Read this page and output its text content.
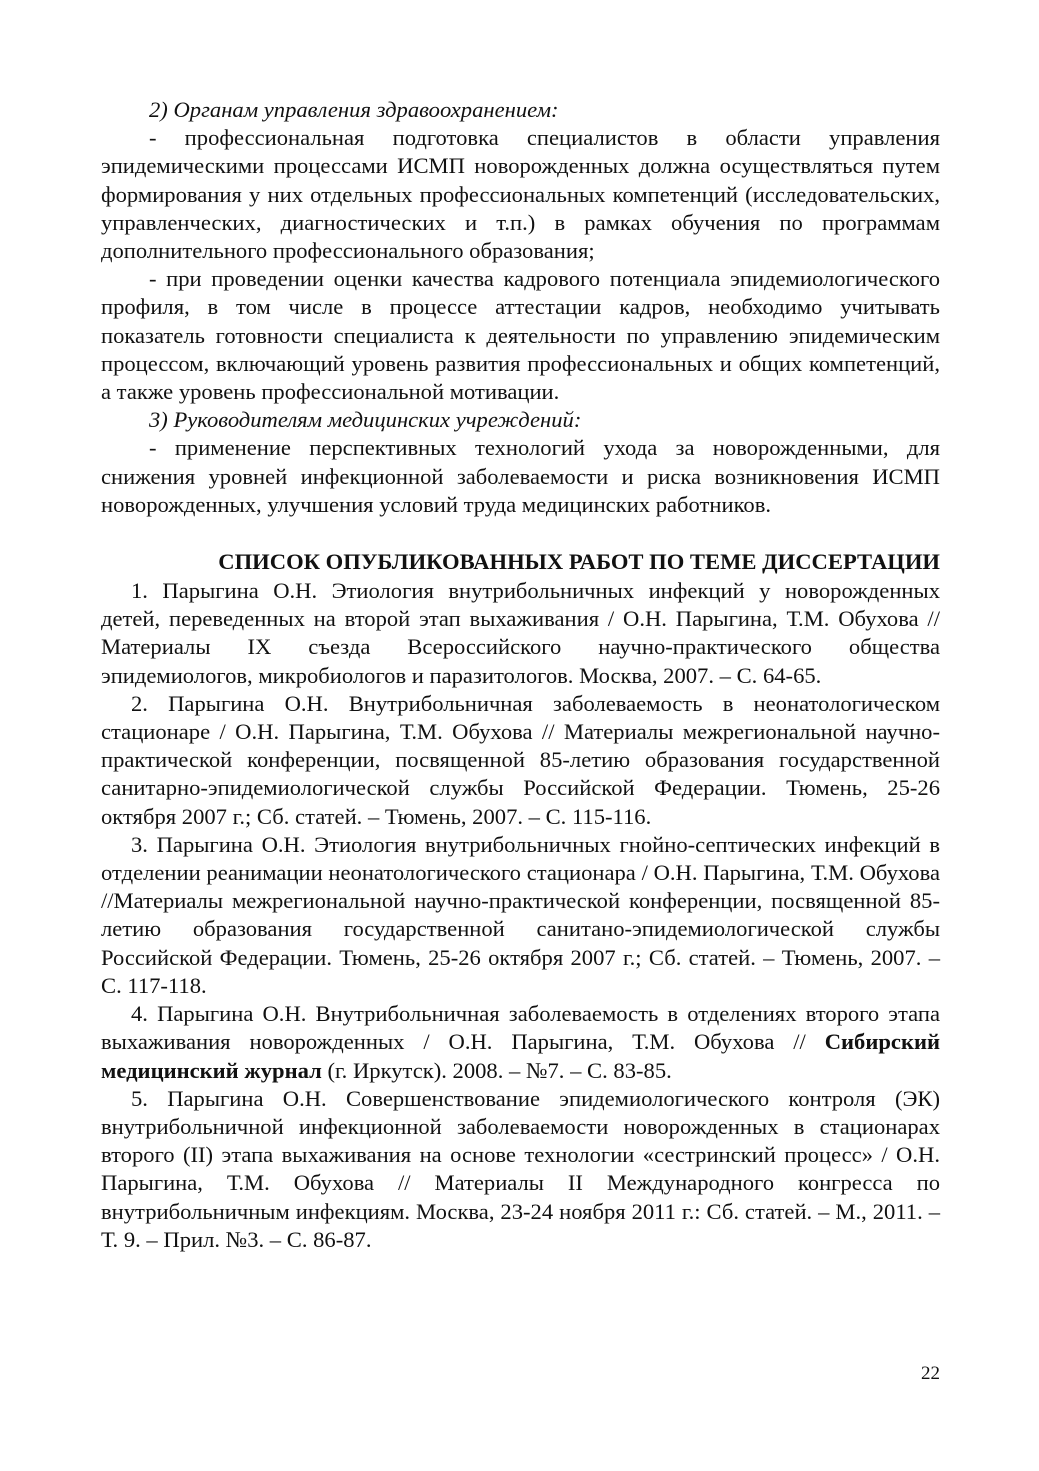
2) Органам управления здравоохранением:

- профессиональная подготовка специалистов в области управления эпидемическими процессами ИСМП новорожденных должна осуществляться путем формирования у них отдельных профессиональных компетенций (исследовательских, управленческих, диагностических и т.п.) в рамках обучения по программам дополнительного профессионального образования;

- при проведении оценки качества кадрового потенциала эпидемиологического профиля, в том числе в процессе аттестации кадров, необходимо учитывать показатель готовности специалиста к деятельности по управлению эпидемическим процессом, включающий уровень развития профессиональных и общих компетенций, а также уровень профессиональной мотивации.

3) Руководителям медицинских учреждений:

- применение перспективных технологий ухода за новорожденными, для снижения уровней инфекционной заболеваемости и риска возникновения ИСМП новорожденных, улучшения условий труда медицинских работников.

СПИСОК ОПУБЛИКОВАННЫХ РАБОТ ПО ТЕМЕ ДИССЕРТАЦИИ

1. Парыгина О.Н. Этиология внутрибольничных инфекций у новорожденных детей, переведенных на второй этап выхаживания / О.Н. Парыгина, Т.М. Обухова // Материалы IX съезда Всероссийского научно-практического общества эпидемиологов, микробиологов и паразитологов. Москва, 2007. – С. 64-65.

2. Парыгина О.Н. Внутрибольничная заболеваемость в неонатологическом стационаре / О.Н. Парыгина, Т.М. Обухова // Материалы межрегиональной научно-практической конференции, посвященной 85-летию образования государственной санитарно-эпидемиологической службы Российской Федерации. Тюмень, 25-26 октября 2007 г.; Сб. статей. – Тюмень, 2007. – С. 115-116.

3. Парыгина О.Н. Этиология внутрибольничных гнойно-септических инфекций в отделении реанимации неонатологического стационара / О.Н. Парыгина, Т.М. Обухова //Материалы межрегиональной научно-практической конференции, посвященной 85-летию образования государственной санитано-эпидемиологической службы Российской Федерации. Тюмень, 25-26 октября 2007 г.; Сб. статей. – Тюмень, 2007. – С. 117-118.

4. Парыгина О.Н. Внутрибольничная заболеваемость в отделениях второго этапа выхаживания новорожденных / О.Н. Парыгина, Т.М. Обухова // Сибирский медицинский журнал (г. Иркутск). 2008. – №7. – С. 83-85.

5. Парыгина О.Н. Совершенствование эпидемиологического контроля (ЭК) внутрибольничной инфекционной заболеваемости новорожденных в стационарах второго (II) этапа выхаживания на основе технологии «сестринский процесс» / О.Н. Парыгина, Т.М. Обухова // Материалы II Международного конгресса по внутрибольничным инфекциям. Москва, 23-24 ноября 2011 г.: Сб. статей. – М., 2011. – Т. 9. – Прил. №3. – С. 86-87.

22
